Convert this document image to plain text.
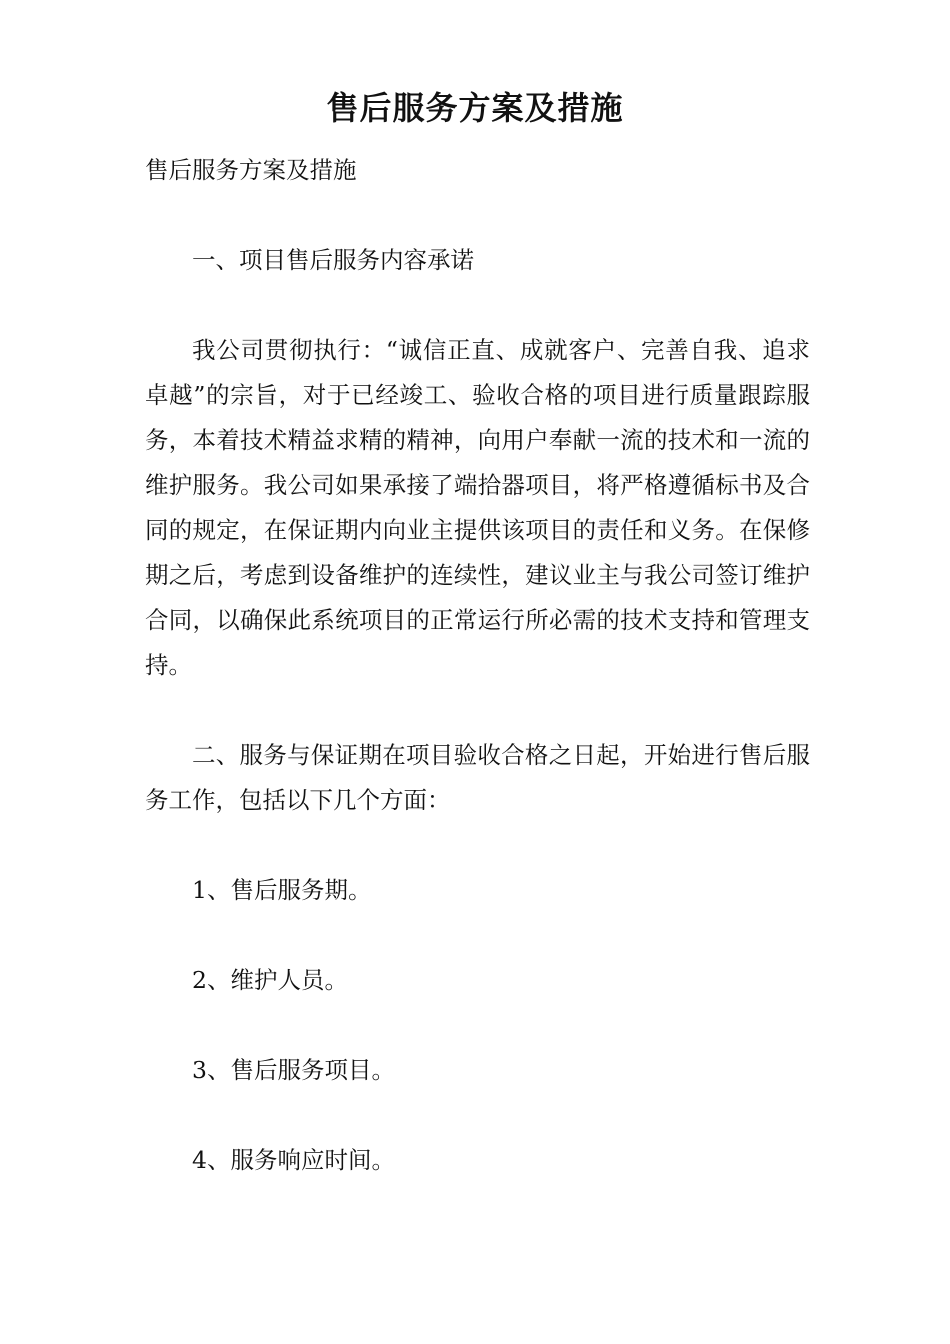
售后服务方案及措施

售后服务方案及措施

一、项目售后服务内容承诺

我公司贯彻执行：“诚信正直、成就客户、完善自我、追求卓越”的宗旨，对于已经竣工、验收合格的项目进行质量跟踪服务，本着技术精益求精的精神，向用户奉献一流的技术和一流的维护服务。我公司如果承接了端拾器项目，将严格遵循标书及合同的规定，在保证期内向业主提供该项目的责任和义务。在保修期之后，考虑到设备维护的连续性，建议业主与我公司签订维护合同，以确保此系统项目的正常运行所必需的技术支持和管理支持。

二、服务与保证期在项目验收合格之日起，开始进行售后服务工作，包括以下几个方面：

1、售后服务期。

2、维护人员。

3、售后服务项目。

4、服务响应时间。
